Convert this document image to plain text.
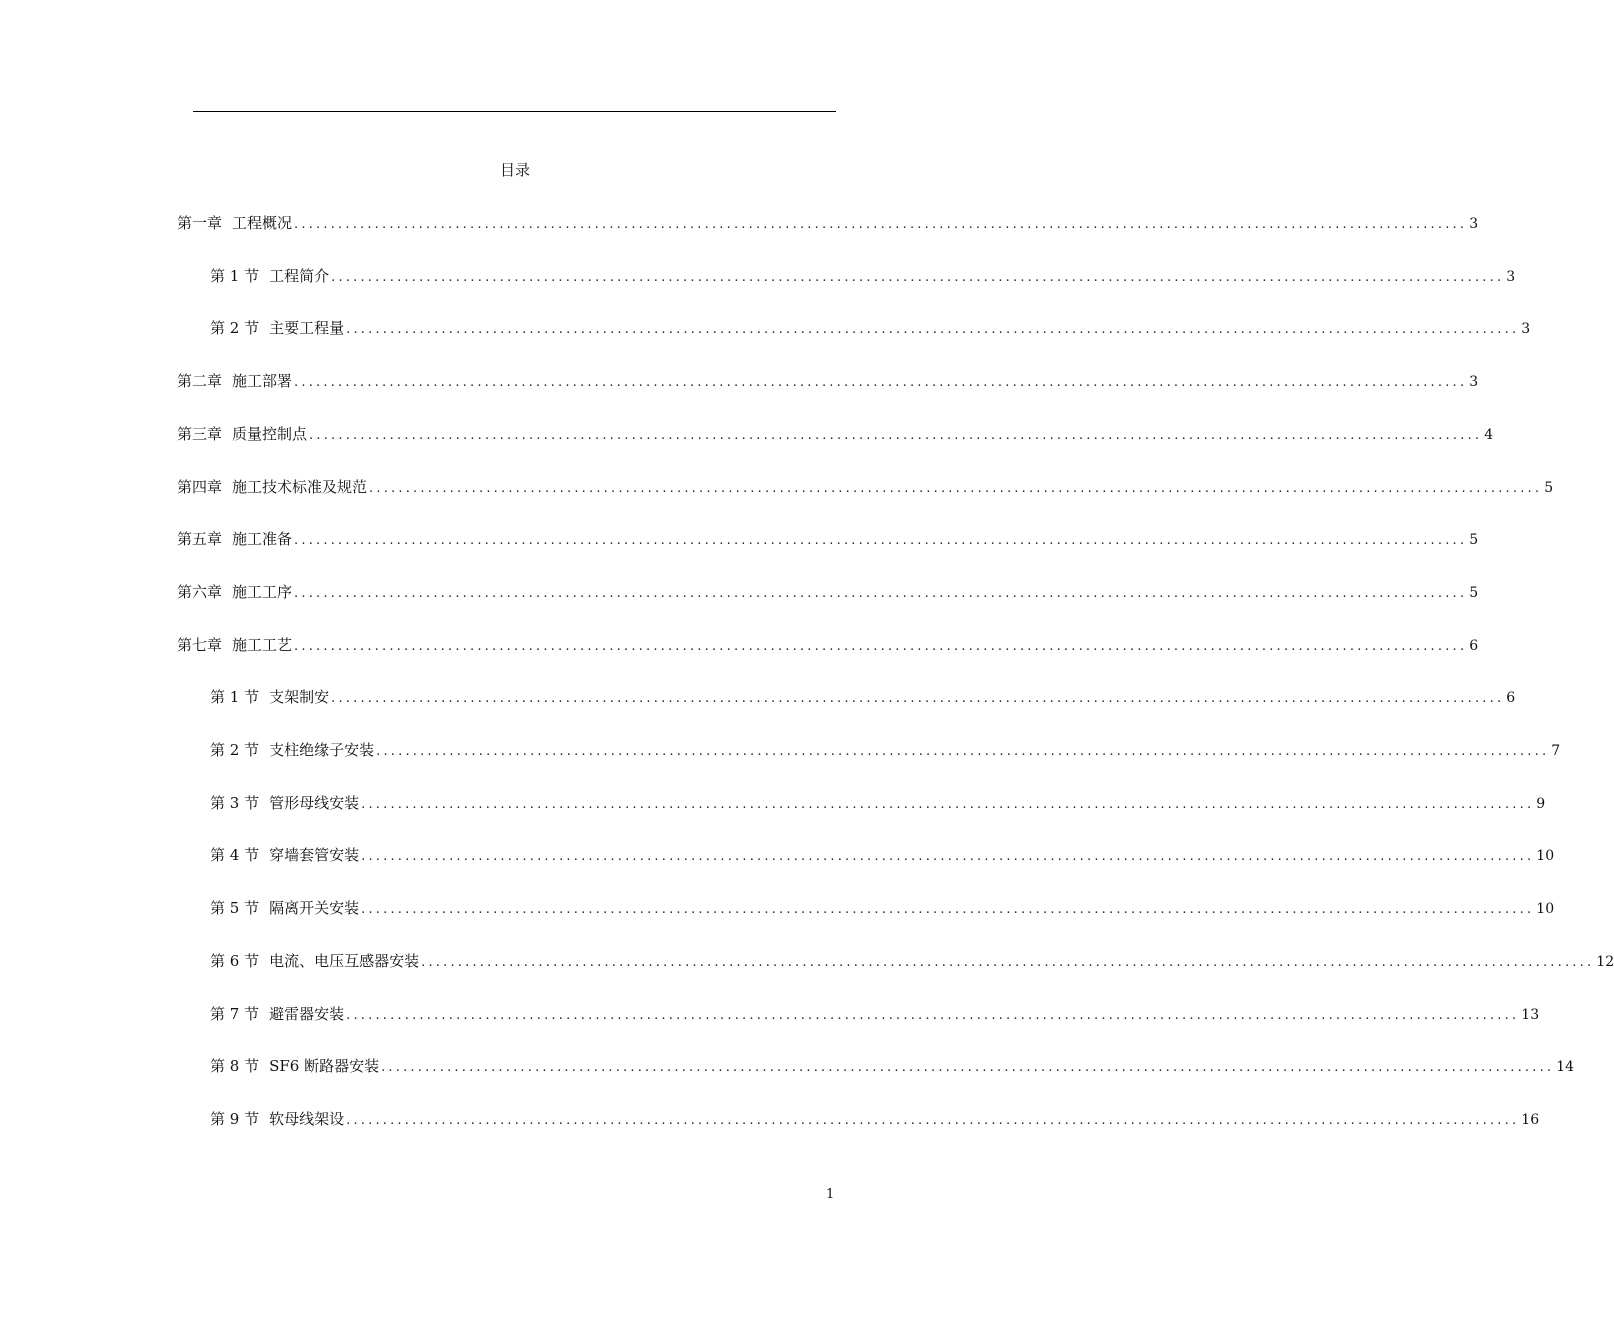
目录
第一章 工程概况 ................................................................................................................................................................ 3
第 1 节 工程简介 ................................................................................................................................................................ 3
第 2 节 主要工程量 ................................................................................................................................................................ 3
第二章 施工部署 ................................................................................................................................................................ 3
第三章 质量控制点 ................................................................................................................................................................ 4
第四章 施工技术标准及规范 ................................................................................................................................................................ 5
第五章 施工准备 ................................................................................................................................................................ 5
第六章 施工工序 ................................................................................................................................................................ 5
第七章 施工工艺 ................................................................................................................................................................ 6
第 1 节 支架制安 ................................................................................................................................................................ 6
第 2 节 支柱绝缘子安装 ................................................................................................................................................................ 7
第 3 节 管形母线安装 ................................................................................................................................................................ 9
第 4 节 穿墙套管安装 ................................................................................................................................................................ 10
第 5 节 隔离开关安装 ................................................................................................................................................................ 10
第 6 节 电流、电压互感器安装 ................................................................................................................................................................ 12
第 7 节 避雷器安装 ................................................................................................................................................................ 13
第 8 节 SF6 断路器安装 ................................................................................................................................................................ 14
第 9 节 软母线架设 ................................................................................................................................................................ 16
1
